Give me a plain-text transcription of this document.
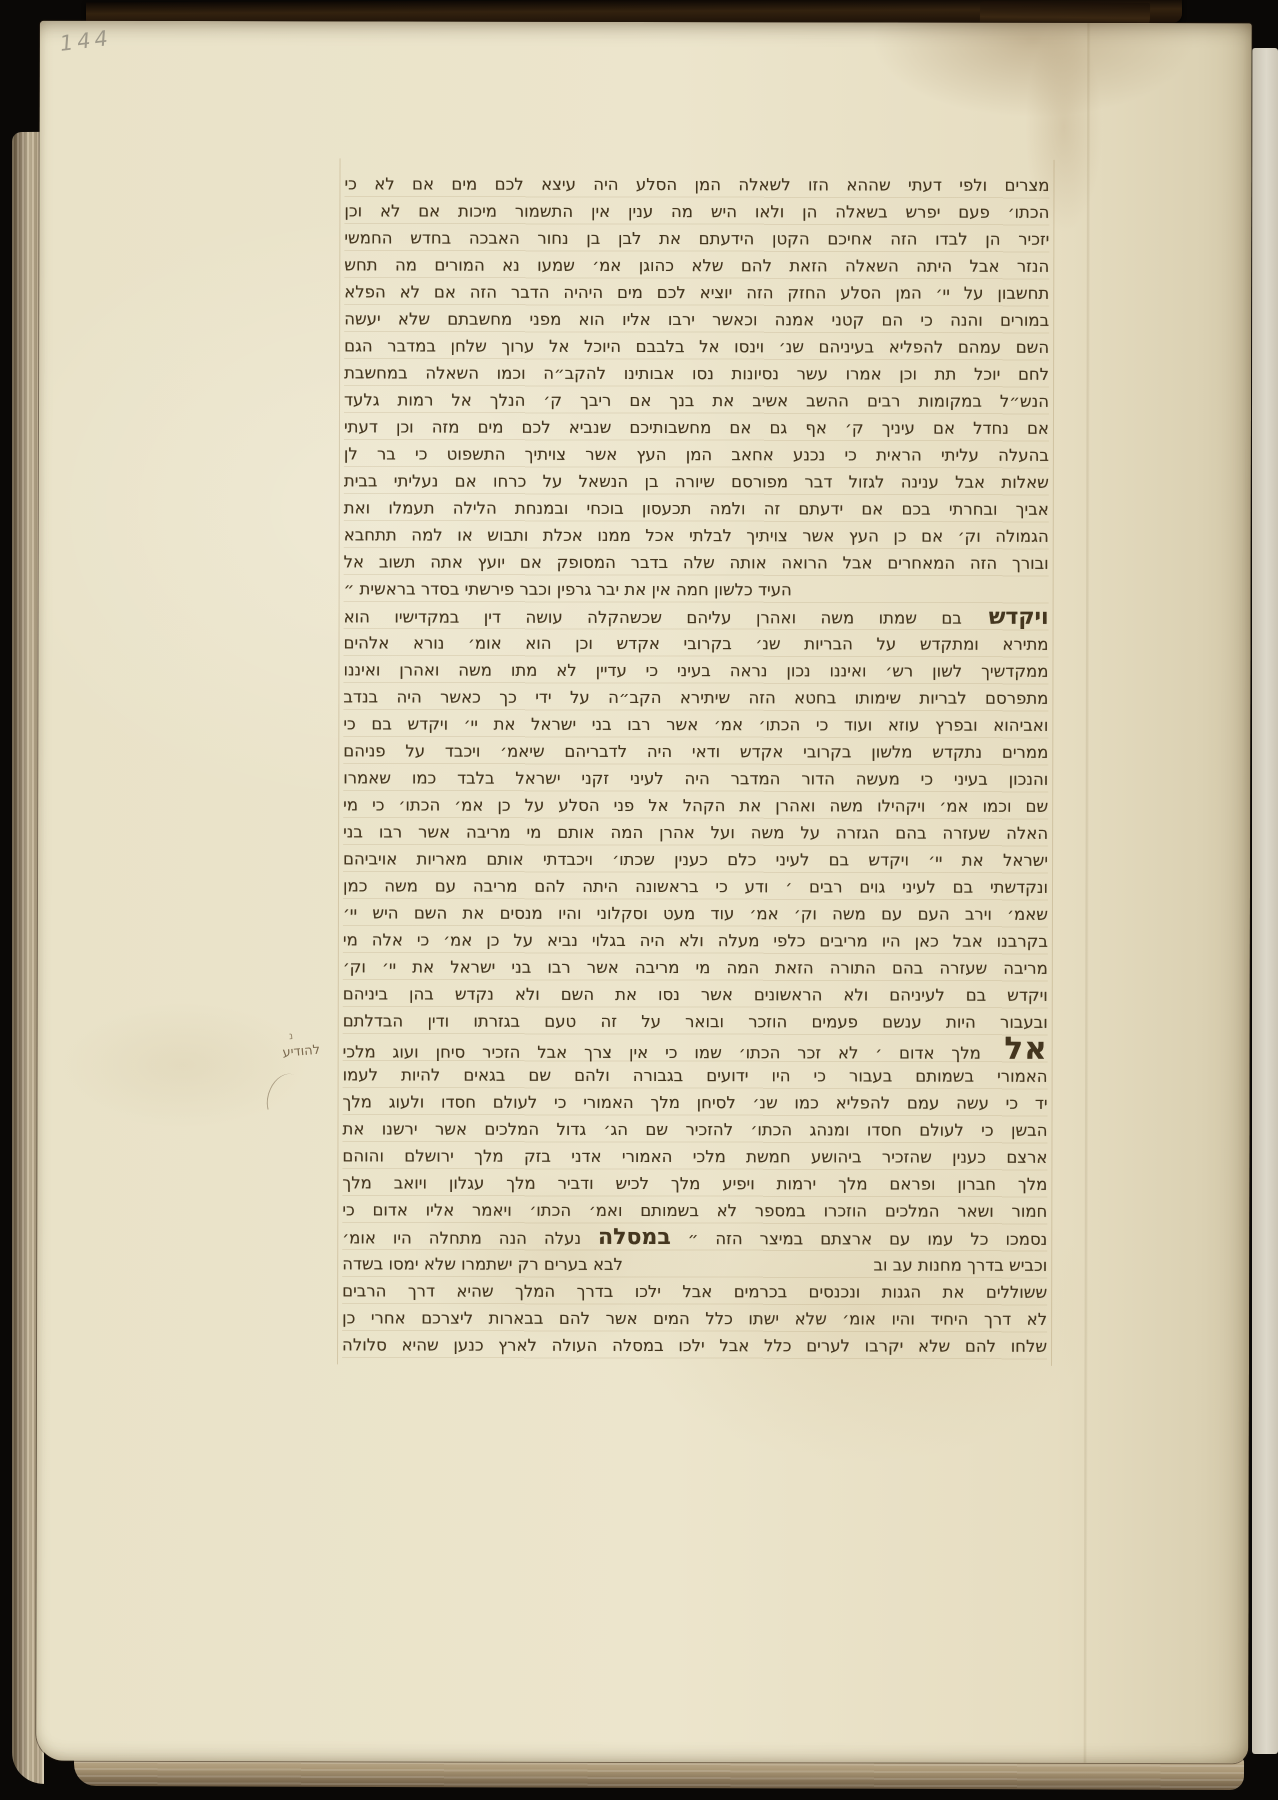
144
מצרים ולפי דעתי שההא הזו לשאלה המן הסלע היה עיצא לכם מים אם לא כי
הכתו׳ פעם יפרש בשאלה הן ולאו היש מה ענין אין התשמור מיכות אם לא וכן
יזכיר הן לבדו הזה אחיכם הקטן הידעתם את לבן בן נחור האבכה בחדש החמשי
הנזר אבל היתה השאלה הזאת להם שלא כהוגן אמ׳ שמעו נא המורים מה תחש
תחשבון על יי׳ המן הסלע החזק הזה יוציא לכם מים היהיה הדבר הזה אם לא הפלא
במורים והנה כי הם קטני אמנה וכאשר ירבו אליו הוא מפני מחשבתם שלא יעשה
השם עמהם להפליא בעיניהם שנ׳ וינסו אל בלבבם היוכל אל ערוך שלחן במדבר הגם
לחם יוכל תת וכן אמרו עשר נסיונות נסו אבותינו להקב״ה וכמו השאלה במחשבת
הנש״ל במקומות רבים ההשב אשיב את בנך אם ריבך ק׳ הנלך אל רמות גלעד
אם נחדל אם עיניך ק׳ אף גם אם מחשבותיכם שנביא לכם מים מזה וכן דעתי
בהעלה עליתי הראית כי נכנע אחאב המן העץ אשר צויתיך התשפוט כי בר לן
שאלות אבל ענינה לגזול דבר מפורסם שיורה בן הנשאל על כרחו אם נעליתי בבית
אביך ובחרתי בכם אם ידעתם זה ולמה תכעסון בוכחי ובמנחת הלילה תעמלו ואת
הגמולה וק׳ אם כן העץ אשר צויתיך לבלתי אכל ממנו אכלת ותבוש או למה תתחבא
ובורך הזה המאחרים אבל הרואה אותה שלה בדבר המסופק אם יועץ אתה תשוב אל
העיד כלשון חמה אין את יבר גרפין וכבר פירשתי בסדר בראשית ״
ויקדש בם שמתו משה ואהרן עליהם שכשהקלה עושה דין במקדישיו הוא
מתירא ומתקדש על הבריות שנ׳ בקרובי אקדש וכן הוא אומ׳ נורא אלהים
ממקדשיך לשון רש׳ ואיננו נכון נראה בעיני כי עדיין לא מתו משה ואהרן ואיננו
מתפרסם לבריות שימותו בחטא הזה שיתירא הקב״ה על ידי כך כאשר היה בנדב
ואביהוא ובפרץ עוזא ועוד כי הכתו׳ אמ׳ אשר רבו בני ישראל את יי׳ ויקדש בם כי
ממרים נתקדש מלשון בקרובי אקדש ודאי היה לדבריהם שיאמ׳ ויכבד על פניהם
והנכון בעיני כי מעשה הדור המדבר היה לעיני זקני ישראל בלבד כמו שאמרו
שם וכמו אמ׳ ויקהילו משה ואהרן את הקהל אל פני הסלע על כן אמ׳ הכתו׳ כי מי
האלה שעזרה בהם הגזרה על משה ועל אהרן המה אותם מי מריבה אשר רבו בני
ישראל את יי׳ ויקדש בם לעיני כלם כענין שכתו׳ ויכבדתי אותם מאריות אויביהם
ונקדשתי בם לעיני גוים רבים ׳ ודע כי בראשונה היתה להם מריבה עם משה כמן
שאמ׳ וירב העם עם משה וק׳ אמ׳ עוד מעט וסקלוני והיו מנסים את השם היש יי׳
בקרבנו אבל כאן היו מריבים כלפי מעלה ולא היה בגלוי נביא על כן אמ׳ כי אלה מי
מריבה שעזרה בהם התורה הזאת המה מי מריבה אשר רבו בני ישראל את יי׳ וק׳
ויקדש בם לעיניהם ולא הראשונים אשר נסו את השם ולא נקדש בהן ביניהם
ובעבור היות ענשם פעמים הוזכר ובואר על זה טעם בגזרתו ודין הבדלתם
אל מלך אדום ׳ לא זכר הכתו׳ שמו כי אין צרך אבל הזכיר סיחן ועוג מלכי
האמורי בשמותם בעבור כי היו ידועים בגבורה ולהם שם בגאים להיות לעמו
יד כי עשה עמם להפליא כמו שנ׳ לסיחן מלך האמורי כי לעולם חסדו ולעוג מלך
הבשן כי לעולם חסדו ומנהג הכתו׳ להזכיר שם הג׳ גדול המלכים אשר ירשנו את
ארצם כענין שהזכיר ביהושע חמשת מלכי האמורי אדני בזק מלך ירושלם והוהם
מלך חברון ופראם מלך ירמות ויפיע מלך לכיש ודביר מלך עגלון ויואב מלך
חמור ושאר המלכים הוזכרו במספר לא בשמותם ואמ׳ הכתו׳ ויאמר אליו אדום כי
נסמכו כל עמו עם ארצתם במיצר הזה ״ במסלה נעלה הנה מתחלה היו אומ׳
וכביש בדרך מחנות עב וב
לבא בערים רק ישתמרו שלא ימסו בשדה
ששוללים את הגנות ונכנסים בכרמים אבל ילכו בדרך המלך שהיא דרך הרבים
לא דרך היחיד והיו אומ׳ שלא ישתו כלל המים אשר להם בבארות ליצרכם אחרי כן
שלחו להם שלא יקרבו לערים כלל אבל ילכו במסלה העולה לארץ כנען שהיא סלולה
נ
להודיע
